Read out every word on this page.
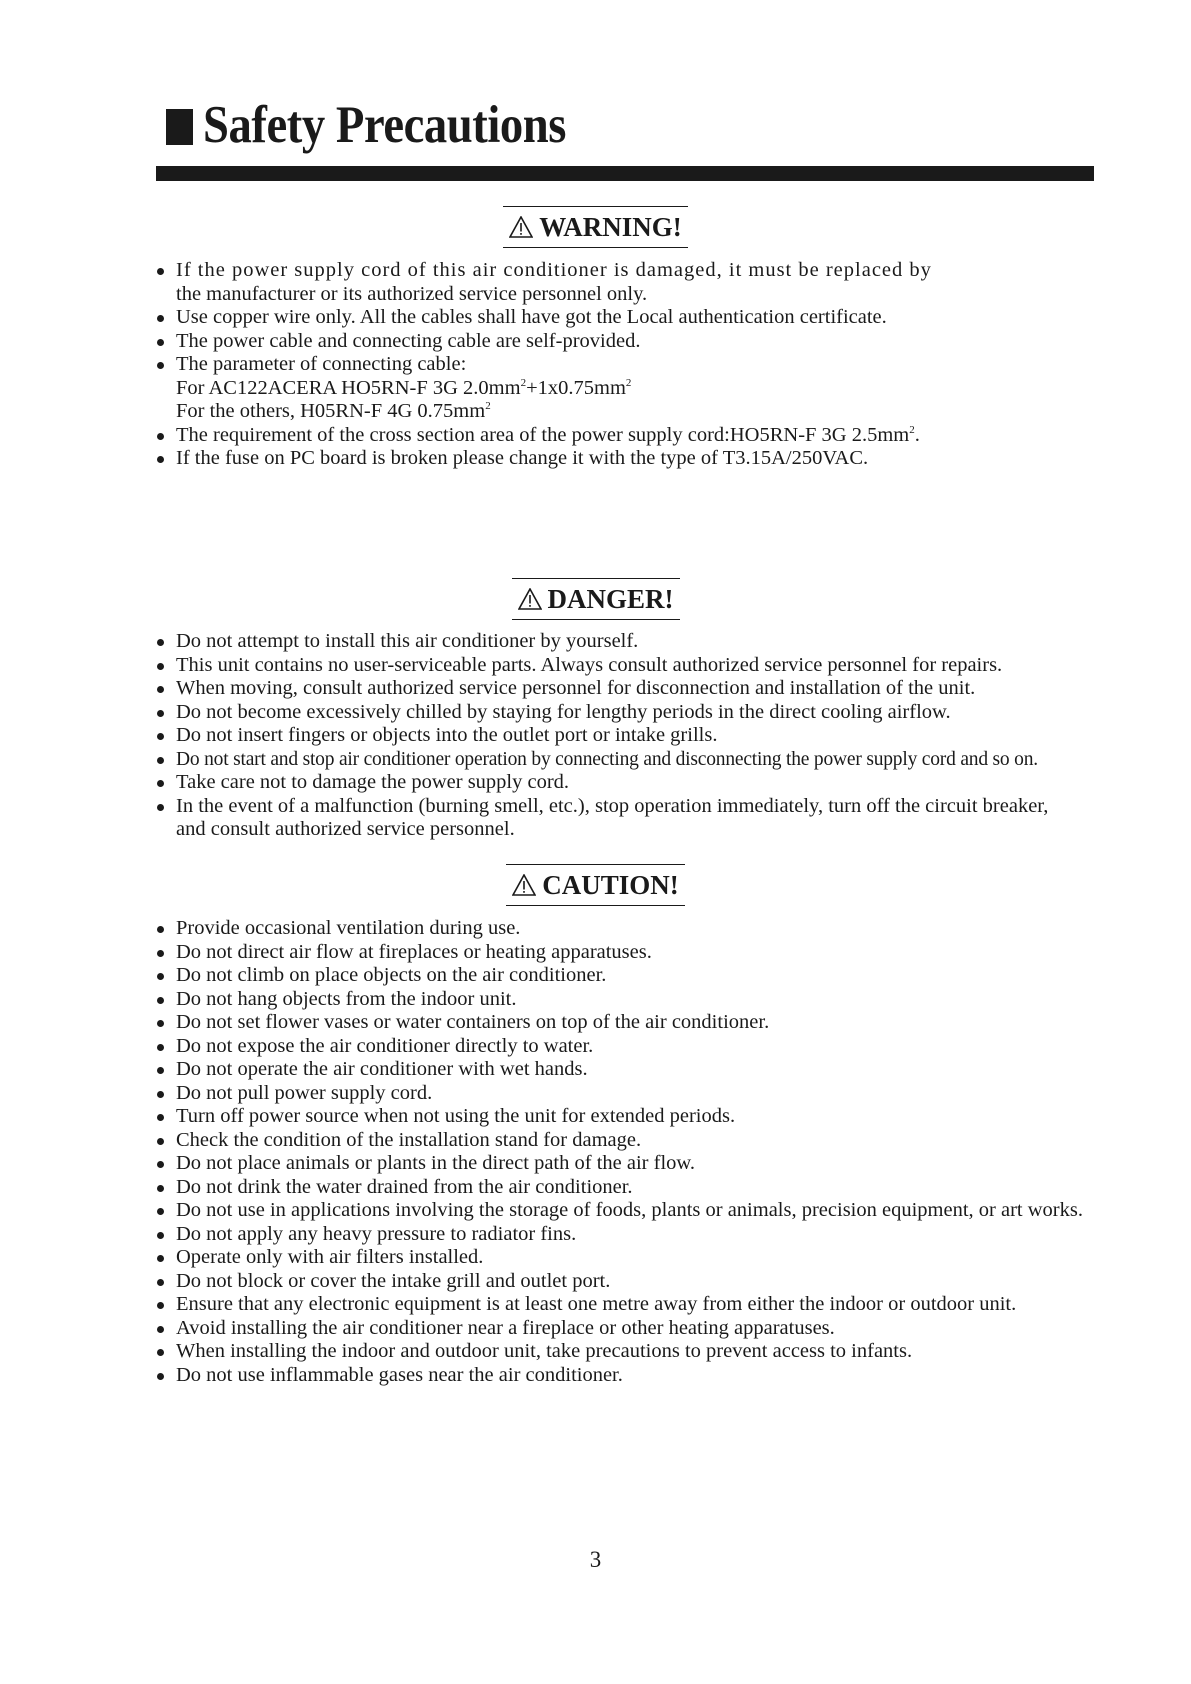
Safety Precautions
WARNING!
If the power supply cord of this air conditioner is damaged, it must be replaced by
the manufacturer or its authorized service personnel only.
Use copper wire only. All the cables shall have got the Local authentication certificate.
The power cable and connecting cable are self-provided.
The parameter of connecting cable:
For AC122ACERA HO5RN-F 3G $2.0mm^2+1x0.75mm^2$
For the others, H05RN-F 4G $0.75mm^2$
The requirement of the cross section area of the power supply cord:HO5RN-F 3G $2.5mm^2$.
If the fuse on PC board is broken please change it with the type of T3.15A/250VAC.
DANGER!
Do not attempt to install this air conditioner by yourself.
This unit contains no user-serviceable parts. Always consult authorized service personnel for repairs.
When moving, consult authorized service personnel for disconnection and installation of the unit.
Do not become excessively chilled by staying for lengthy periods in the direct cooling airflow.
Do not insert fingers or objects into the outlet port or intake grills.
Do not start and stop air conditioner operation by connecting and disconnecting the power supply cord and so on.
Take care not to damage the power supply cord.
In the event of a malfunction (burning smell, etc.), stop operation immediately, turn off the circuit breaker,
and consult authorized service personnel.
CAUTION!
Provide occasional ventilation during use.
Do not direct air flow at fireplaces or heating apparatuses.
Do not climb on place objects on the air conditioner.
Do not hang objects from the indoor unit.
Do not set flower vases or water containers on top of the air conditioner.
Do not expose the air conditioner directly to water.
Do not operate the air conditioner with wet hands.
Do not pull power supply cord.
Turn off power source when not using the unit for extended periods.
Check the condition of the installation stand for damage.
Do not place animals or plants in the direct path of the air flow.
Do not drink the water drained from the air conditioner.
Do not use in applications involving the storage of foods, plants or animals, precision equipment, or art works.
Do not apply any heavy pressure to radiator fins.
Operate only with air filters installed.
Do not block or cover the intake grill and outlet port.
Ensure that any electronic equipment is at least one metre away from either the indoor or outdoor unit.
Avoid installing the air conditioner near a fireplace or other heating apparatuses.
When installing the indoor and outdoor unit, take precautions to prevent access to infants.
Do not use inflammable gases near the air conditioner.
3
